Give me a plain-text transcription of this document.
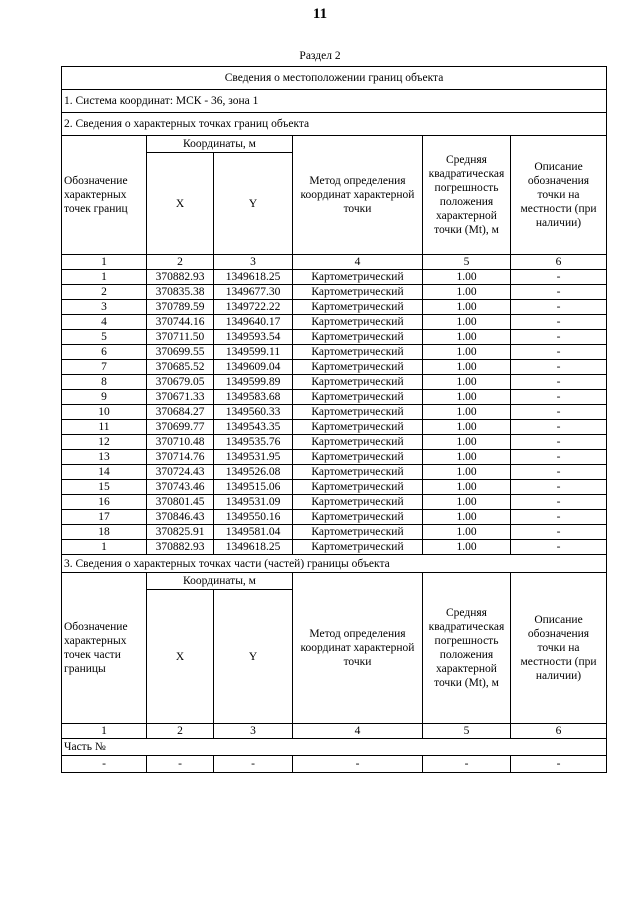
11
Раздел 2
Сведения о местоположении границ объекта					
1. Система координат: МСК - 36, зона 1					
2. Сведения о характерных точках границ объекта					
Обозначение характерных точек границ	Координаты, м		Метод определения координат характерной точки	Средняя квадратическая погрешность положения характерной точки (Mt), м	Описание обозначения точки на местности (при наличии)
	X	Y			
1	2	3	4	5	6
1	370882.93	1349618.25	Картометрический	1.00	-
2	370835.38	1349677.30	Картометрический	1.00	-
3	370789.59	1349722.22	Картометрический	1.00	-
4	370744.16	1349640.17	Картометрический	1.00	-
5	370711.50	1349593.54	Картометрический	1.00	-
6	370699.55	1349599.11	Картометрический	1.00	-
7	370685.52	1349609.04	Картометрический	1.00	-
8	370679.05	1349599.89	Картометрический	1.00	-
9	370671.33	1349583.68	Картометрический	1.00	-
10	370684.27	1349560.33	Картометрический	1.00	-
11	370699.77	1349543.35	Картометрический	1.00	-
12	370710.48	1349535.76	Картометрический	1.00	-
13	370714.76	1349531.95	Картометрический	1.00	-
14	370724.43	1349526.08	Картометрический	1.00	-
15	370743.46	1349515.06	Картометрический	1.00	-
16	370801.45	1349531.09	Картометрический	1.00	-
17	370846.43	1349550.16	Картометрический	1.00	-
18	370825.91	1349581.04	Картометрический	1.00	-
1	370882.93	1349618.25	Картометрический	1.00	-
3. Сведения о характерных точках части (частей) границы объекта					
Обозначение характерных точек части границы	Координаты, м		Метод определения координат характерной точки	Средняя квадратическая погрешность положения характерной точки (Mt), м	Описание обозначения точки на местности (при наличии)
	X	Y			
1	2	3	4	5	6
Часть №					
-	-	-	-	-	-
